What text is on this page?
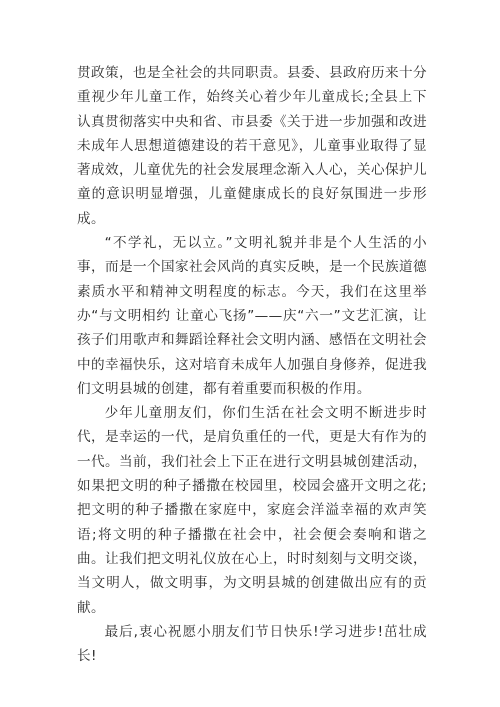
贯政策，也是全社会的共同职责。县委、县政府历来十分重视少年儿童工作，始终关心着少年儿童成长;全县上下认真贯彻落实中央和省、市县委《关于进一步加强和改进未成年人思想道德建设的若干意见》，儿童事业取得了显著成效，儿童优先的社会发展理念渐入人心，关心保护儿童的意识明显增强，儿童健康成长的良好氛围进一步形成。

“不学礼，无以立。”文明礼貌并非是个人生活的小事，而是一个国家社会风尚的真实反映，是一个民族道德素质水平和精神文明程度的标志。今天，我们在这里举办“与文明相约 让童心飞扬”——庆“六一”文艺汇演，让孩子们用歌声和舞蹈诠释社会文明内涵、感悟在文明社会中的幸福快乐，这对培育未成年人加强自身修养，促进我们文明县城的创建，都有着重要而积极的作用。

少年儿童朋友们，你们生活在社会文明不断进步时代，是幸运的一代，是肩负重任的一代，更是大有作为的一代。当前，我们社会上下正在进行文明县城创建活动，如果把文明的种子播撒在校园里，校园会盛开文明之花;把文明的种子播撒在家庭中，家庭会洋溢幸福的欢声笑语;将文明的种子播撒在社会中，社会便会奏响和谐之曲。让我们把文明礼仪放在心上，时时刻刻与文明交谈，当文明人，做文明事，为文明县城的创建做出应有的贡献。

最后,衷心祝愿小朋友们节日快乐!学习进步!茁壮成长!
